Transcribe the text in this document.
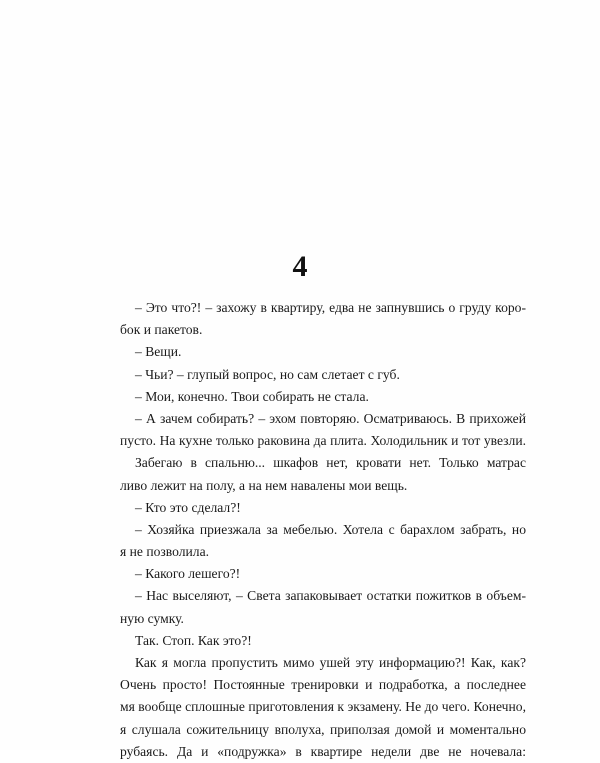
4
– Это что?! – захожу в квартиру, едва не запнувшись о груду коро-
бок и пакетов.
– Вещи.
– Чьи? – глупый вопрос, но сам слетает с губ.
– Мои, конечно. Твои собирать не стала.
– А зачем собирать? – эхом повторяю. Осматриваюсь. В прихожей
пусто. На кухне только раковина да плита. Холодильник и тот увезли.
Забегаю в спальню... шкафов нет, кровати нет. Только матрас
ливо лежит на полу, а на нем навалены мои вещь.
– Кто это сделал?!
– Хозяйка приезжала за мебелью. Хотела с барахлом забрать, но
я не позволила.
– Какого лешего?!
– Нас выселяют, – Света запаковывает остатки пожитков в объем-
ную сумку.
Так. Стоп. Как это?!
Как я могла пропустить мимо ушей эту информацию?! Как, как?
Очень просто! Постоянные тренировки и подработка, а последнее
мя вообще сплошные приготовления к экзамену. Не до чего. Конечно,
я слушала сожительницу вполуха, приползая домой и моментально
рубаясь. Да и «подружка» в квартире недели две не ночевала:
